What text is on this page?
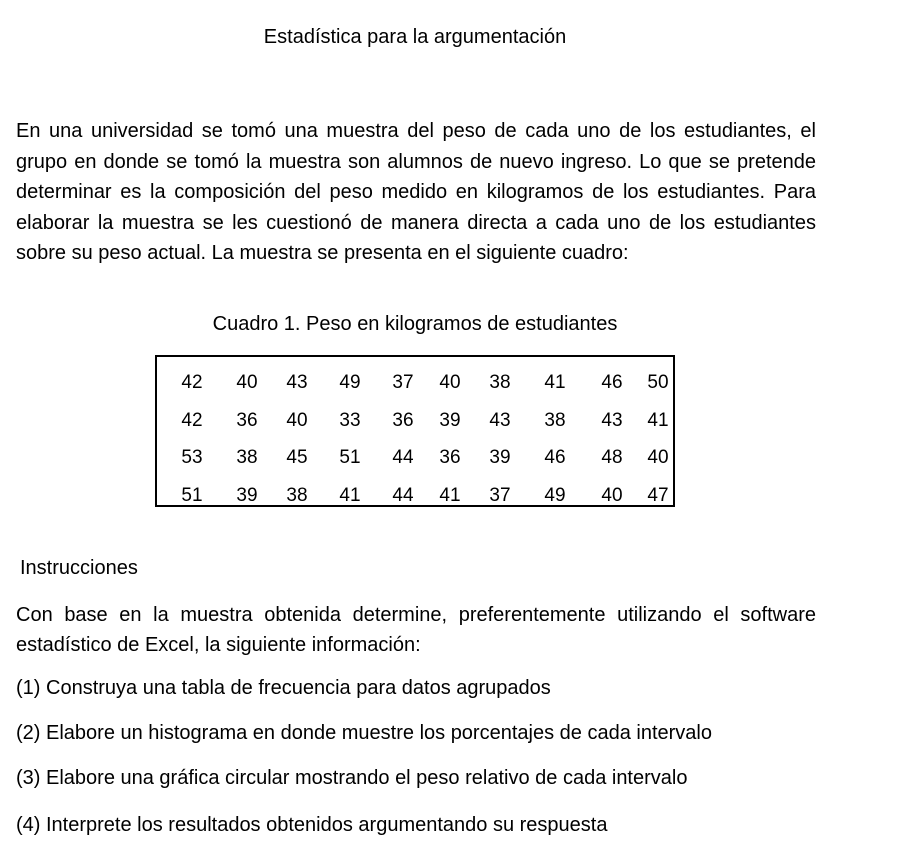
Estadística para la argumentación

En una universidad se tomó una muestra del peso de cada uno de los estudiantes, el grupo en donde se tomó la muestra son alumnos de nuevo ingreso. Lo que se pretende determinar es la composición del peso medido en kilogramos de los estudiantes. Para elaborar la muestra se les cuestionó de manera directa a cada uno de los estudiantes sobre su peso actual. La muestra se presenta en el siguiente cuadro:

Cuadro 1. Peso en kilogramos de estudiantes
42	40	43	49	37	40	38	41	46	50
42	36	40	33	36	39	43	38	43	41
53	38	45	51	44	36	39	46	48	40
51	39	38	41	44	41	37	49	40	47
Instrucciones

Con base en la muestra obtenida determine, preferentemente utilizando el software estadístico de Excel, la siguiente información:

(1) Construya una tabla de frecuencia para datos agrupados
(2) Elabore un histograma en donde muestre los porcentajes de cada intervalo
(3) Elabore una gráfica circular mostrando el peso relativo de cada intervalo
(4) Interprete los resultados obtenidos argumentando su respuesta
